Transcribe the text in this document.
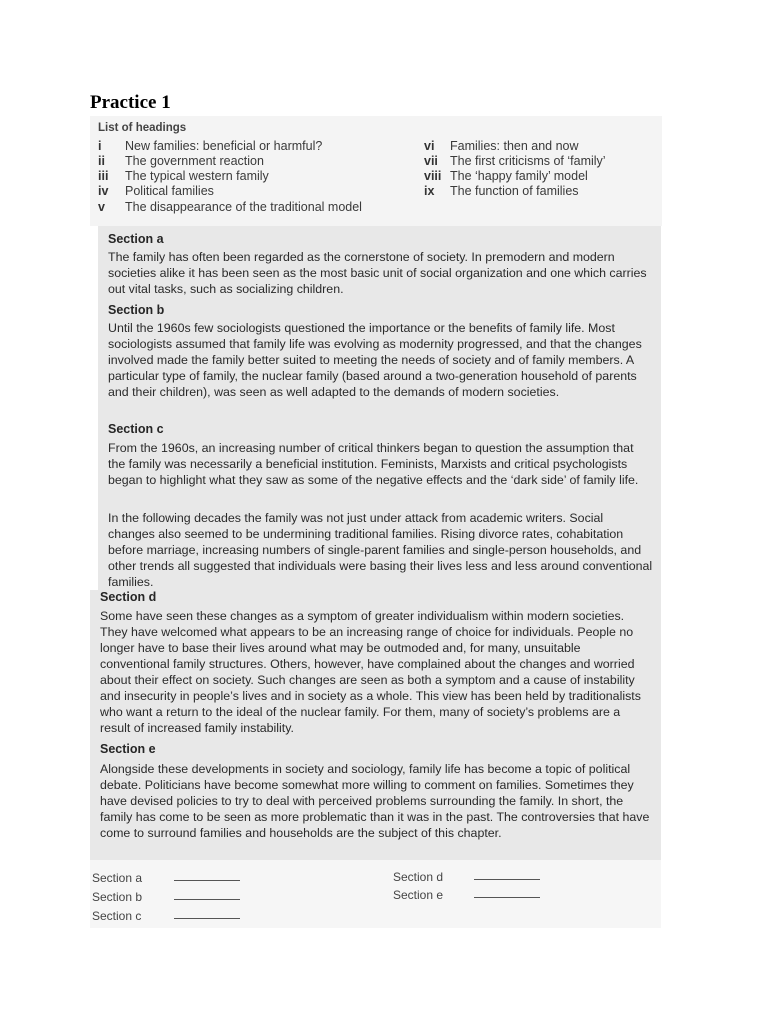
Practice 1
List of headings
i	New families: beneficial or harmful?
ii	The government reaction
iii	The typical western family
iv	Political families
v	The disappearance of the traditional model
vi	Families: then and now
vii The first criticisms of ‘family’
viii The ‘happy family’ model
ix	The function of families
Section a

The family has often been regarded as the cornerstone of society. In premodern and modern societies alike it has been seen as the most basic unit of social organization and one which carries out vital tasks, such as socializing children.

Section b

Until the 1960s few sociologists questioned the importance or the benefits of family life. Most sociologists assumed that family life was evolving as modernity progressed, and that the changes involved made the family better suited to meeting the needs of society and of family members. A particular type of family, the nuclear family (based around a two-generation household of parents and their children), was seen as well adapted to the demands of modern societies.

Section c

From the 1960s, an increasing number of critical thinkers began to question the assumption that the family was necessarily a beneficial institution. Feminists, Marxists and critical psychologists began to highlight what they saw as some of the negative effects and the ‘dark side’ of family life.

In the following decades the family was not just under attack from academic writers. Social changes also seemed to be undermining traditional families. Rising divorce rates, cohabitation before marriage, increasing numbers of single-parent families and single-person households, and other trends all suggested that individuals were basing their lives less and less around conventional families.

Section d

Some have seen these changes as a symptom of greater individualism within modern societies. They have welcomed what appears to be an increasing range of choice for individuals. People no longer have to base their lives around what may be outmoded and, for many, unsuitable conventional family structures. Others, however, have complained about the changes and worried about their effect on society. Such changes are seen as both a symptom and a cause of instability and insecurity in people’s lives and in society as a whole. This view has been held by traditionalists who want a return to the ideal of the nuclear family. For them, many of society’s problems are a result of increased family instability.

Section e

Alongside these developments in society and sociology, family life has become a topic of political debate. Politicians have become somewhat more willing to comment on families. Sometimes they have devised policies to try to deal with perceived problems surrounding the family. In short, the family has come to be seen as more problematic than it was in the past. The controversies that have come to surround families and households are the subject of this chapter.

Section a
Section b
Section c
Section d
Section e
